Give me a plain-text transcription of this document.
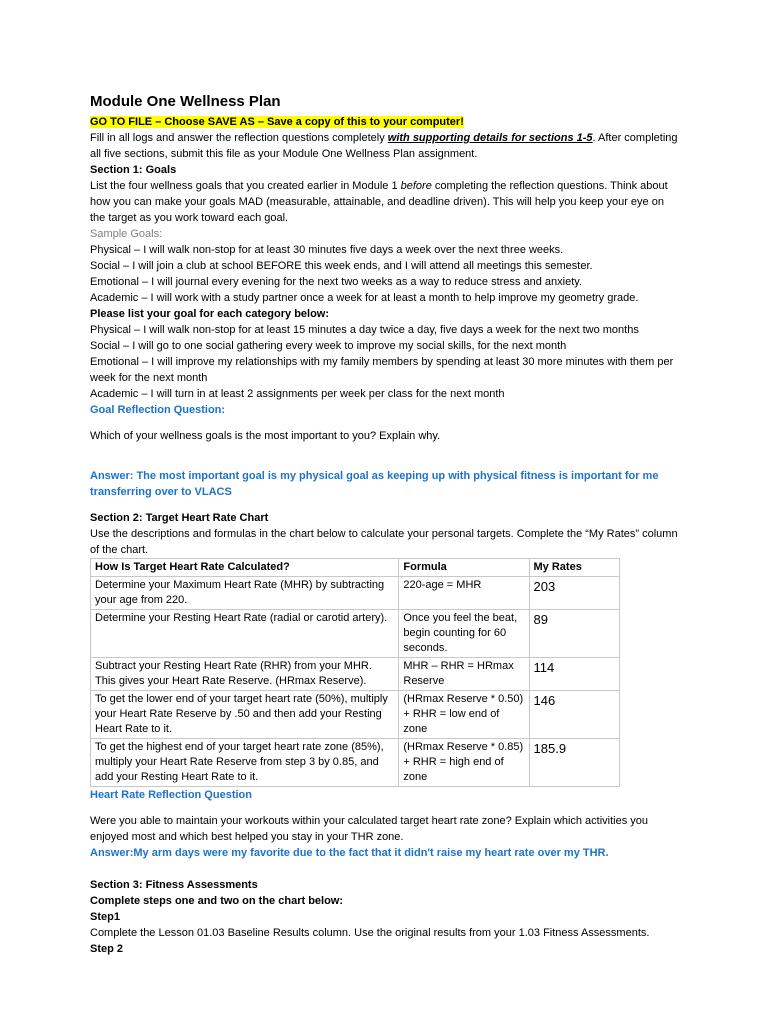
Module One Wellness Plan

GO TO FILE – Choose SAVE AS – Save a copy of this to your computer!

Fill in all logs and answer the reflection questions completely with supporting details for sections 1-5. After completing all five sections, submit this file as your Module One Wellness Plan assignment.

Section 1: Goals

List the four wellness goals that you created earlier in Module 1 before completing the reflection questions. Think about how you can make your goals MAD (measurable, attainable, and deadline driven). This will help you keep your eye on the target as you work toward each goal.

Sample Goals:

Physical – I will walk non-stop for at least 30 minutes five days a week over the next three weeks.

Social – I will join a club at school BEFORE this week ends, and I will attend all meetings this semester.

Emotional – I will journal every evening for the next two weeks as a way to reduce stress and anxiety.

Academic – I will work with a study partner once a week for at least a month to help improve my geometry grade.

Please list your goal for each category below:

Physical – I will walk non-stop for at least 15 minutes a day twice a day, five days a week for the next two months

Social – I will go to one social gathering every week to improve my social skills, for the next month

Emotional – I will improve my relationships with my family members by spending at least 30 more minutes with them per week for the next month

Academic – I will turn in at least 2 assignments per week per class for the next month

Goal Reflection Question:

Which of your wellness goals is the most important to you? Explain why.

Answer: The most important goal is my physical goal as keeping up with physical fitness is important for me transferring over to VLACS

Section 2: Target Heart Rate Chart

Use the descriptions and formulas in the chart below to calculate your personal targets. Complete the “My Rates” column of the chart.

How Is Target Heart Rate Calculated?	Formula	My Rates
Determine your Maximum Heart Rate (MHR) by subtracting your age from 220.	220-age = MHR	203
Determine your Resting Heart Rate (radial or carotid artery).	Once you feel the beat, begin counting for 60 seconds.	89
Subtract your Resting Heart Rate (RHR) from your MHR. This gives your Heart Rate Reserve. (HRmax Reserve).	MHR – RHR = HRmax Reserve	114
To get the lower end of your target heart rate (50%), multiply your Heart Rate Reserve by .50 and then add your Resting Heart Rate to it.	(HRmax Reserve * 0.50) + RHR = low end of zone	146
To get the highest end of your target heart rate zone (85%), multiply your Heart Rate Reserve from step 3 by 0.85, and add your Resting Heart Rate to it.	(HRmax Reserve * 0.85) + RHR = high end of zone	185.9

Heart Rate Reflection Question

Were you able to maintain your workouts within your calculated target heart rate zone? Explain which activities you enjoyed most and which best helped you stay in your THR zone.

Answer:My arm days were my favorite due to the fact that it didn't raise my heart rate over my THR.

Section 3: Fitness Assessments

Complete steps one and two on the chart below:

Step1

Complete the Lesson 01.03 Baseline Results column. Use the original results from your 1.03 Fitness Assessments.

Step 2
